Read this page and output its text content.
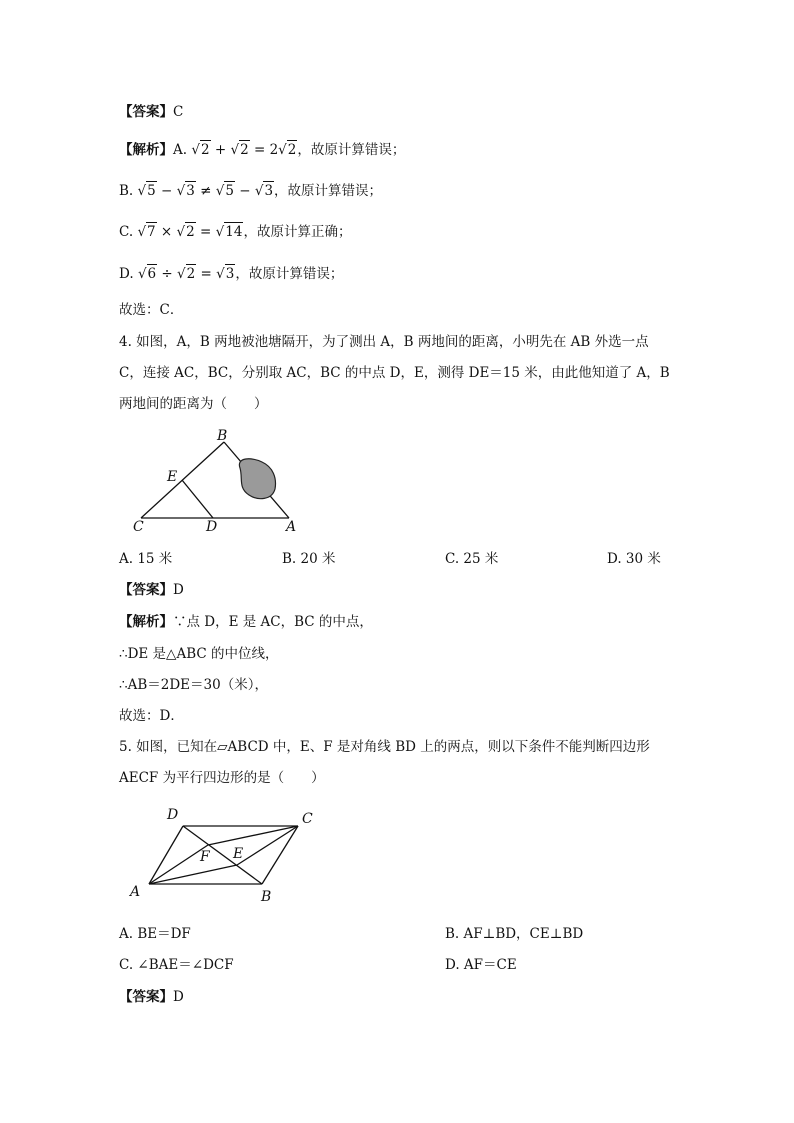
【答案】C
【解析】A. √2 + √2 = 2√2，故原计算错误；
B. √5 − √3 ≠ √5 − √3，故原计算错误；
C. √7 × √2 = √14，故原计算正确；
D. √6 ÷ √2 = √3，故原计算错误；
故选：C．
4. 如图，A，B 两地被池塘隔开，为了测出 A，B 两地间的距离，小明先在 AB 外选一点
C，连接 AC，BC，分别取 AC，BC 的中点 D，E，测得 DE＝15 米，由此他知道了 A，B
两地间的距离为（　　）
B
E
C	D	A
A. 15 米	B. 20 米	C. 25 米	D. 30 米
【答案】D
【解析】∵点 D，E 是 AC，BC 的中点，
∴DE 是△ABC 的中位线，
∴AB＝2DE＝30（米），
故选：D．
5. 如图，已知在▱ABCD 中，E、F 是对角线 BD 上的两点，则以下条件不能判断四边形
AECF 为平行四边形的是（　　）
D	C
F E
A	B
A. BE＝DF	B. AF⊥BD，CE⊥BD
C. ∠BAE＝∠DCF	D. AF＝CE
【答案】D
